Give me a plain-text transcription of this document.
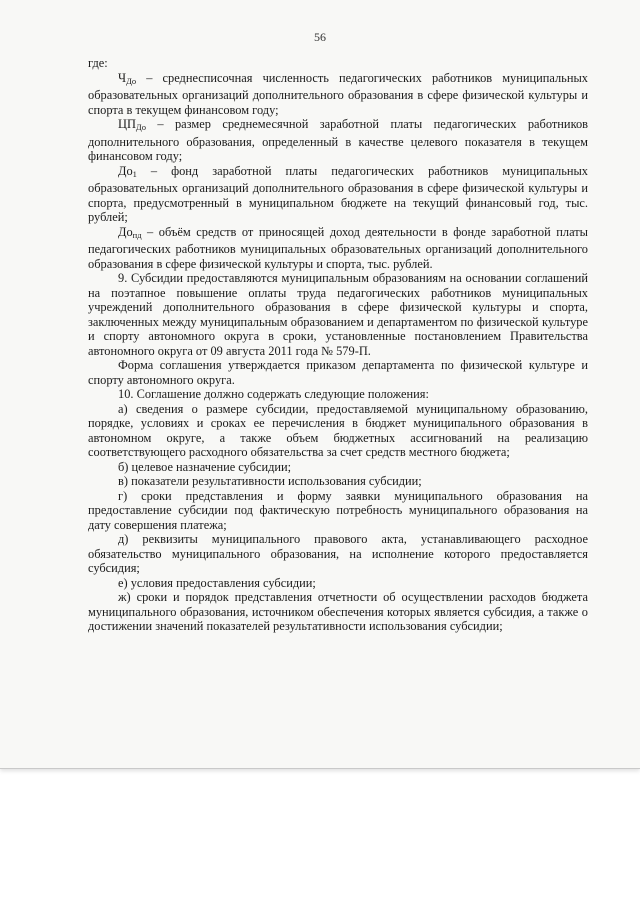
56

где:

$Ч_{До}$ – среднесписочная численность педагогических работников муниципальных образовательных организаций дополнительного образования в сфере физической культуры и спорта в текущем финансовом году;

$ЦП_{До}$ – размер среднемесячной заработной платы педагогических работников дополнительного образования, определенный в качестве целевого показателя в текущем финансовом году;

$До_1$ – фонд заработной платы педагогических работников муниципальных образовательных организаций дополнительного образования в сфере физической культуры и спорта, предусмотренный в муниципальном бюджете на текущий финансовый год, тыс. рублей;

$До_{пд}$ – объём средств от приносящей доход деятельности в фонде заработной платы педагогических работников муниципальных образовательных организаций дополнительного образования в сфере физической культуры и спорта, тыс. рублей.

9. Субсидии предоставляются муниципальным образованиям на основании соглашений на поэтапное повышение оплаты труда педагогических работников муниципальных учреждений дополнительного образования в сфере физической культуры и спорта, заключенных между муниципальным образованием и департаментом по физической культуре и спорту автономного округа в сроки, установленные постановлением Правительства автономного округа от 09 августа 2011 года № 579-П.

Форма соглашения утверждается приказом департамента по физической культуре и спорту автономного округа.

10. Соглашение должно содержать следующие положения:

а) сведения о размере субсидии, предоставляемой муниципальному образованию, порядке, условиях и сроках ее перечисления в бюджет муниципального образования в автономном округе, а также объем бюджетных ассигнований на реализацию соответствующего расходного обязательства за счет средств местного бюджета;

б) целевое назначение субсидии;

в) показатели результативности использования субсидии;

г) сроки представления и форму заявки муниципального образования на предоставление субсидии под фактическую потребность муниципального образования на дату совершения платежа;

д) реквизиты муниципального правового акта, устанавливающего расходное обязательство муниципального образования, на исполнение которого предоставляется субсидия;

е) условия предоставления субсидии;

ж) сроки и порядок представления отчетности об осуществлении расходов бюджета муниципального образования, источником обеспечения которых является субсидия, а также о достижении значений показателей результативности использования субсидии;
